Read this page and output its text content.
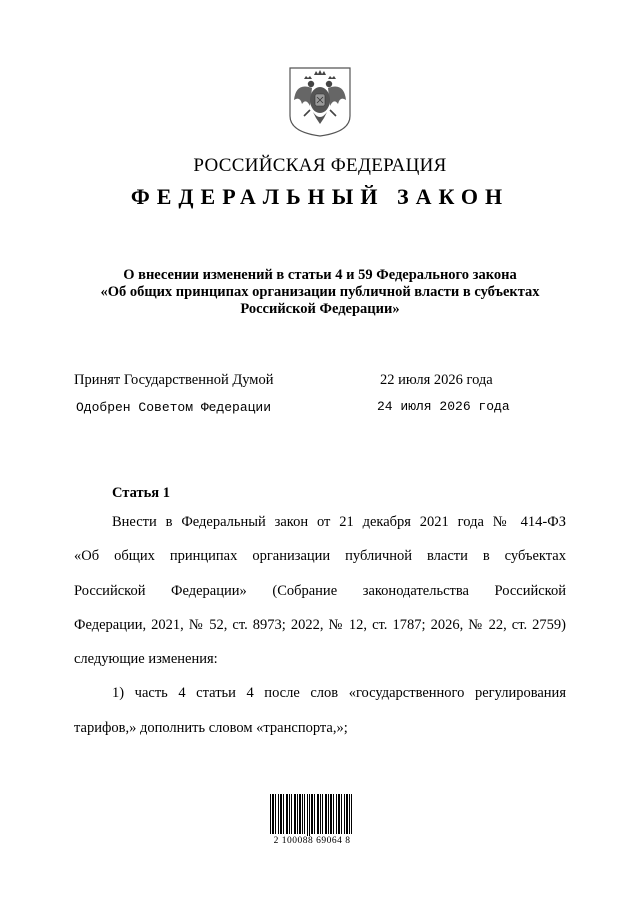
РОССИЙСКАЯ ФЕДЕРАЦИЯ
ФЕДЕРАЛЬНЫЙ ЗАКОН
О внесении изменений в статьи 4 и 59 Федерального закона
«Об общих принципах организации публичной власти в субъектах
Российской Федерации»
Принят Государственной Думой	22 июля 2026 года
Одобрен Советом Федерации	24 июля 2026 года
Статья 1
Внести в Федеральный закон от 21 декабря 2021 года № 414-ФЗ
«Об общих принципах организации публичной власти в субъектах
Российской Федерации» (Собрание законодательства Российской
Федерации, 2021, № 52, ст. 8973; 2022, № 12, ст. 1787; 2026, № 22, ст. 2759)
следующие изменения:
1) часть 4 статьи 4 после слов «государственного регулирования
тарифов,» дополнить словом «транспорта,»;
2 100088 69064 8
